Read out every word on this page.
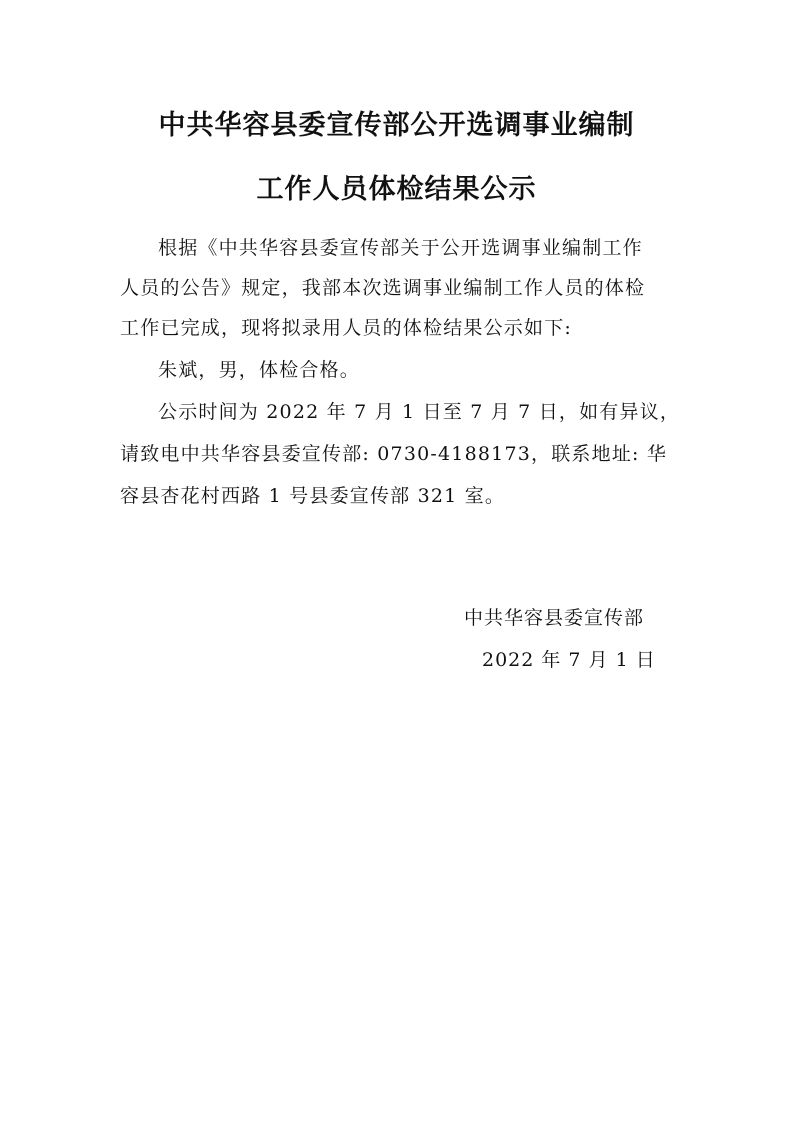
中共华容县委宣传部公开选调事业编制
工作人员体检结果公示
根据《中共华容县委宣传部关于公开选调事业编制工作
人员的公告》规定，我部本次选调事业编制工作人员的体检
工作已完成，现将拟录用人员的体检结果公示如下:
朱斌，男，体检合格。
公示时间为 2022 年 7 月 1 日至 7 月 7 日，如有异议，
请致电中共华容县委宣传部: 0730-4188173，联系地址: 华
容县杏花村西路 1 号县委宣传部 321 室。
中共华容县委宣传部
2022 年 7 月 1 日
